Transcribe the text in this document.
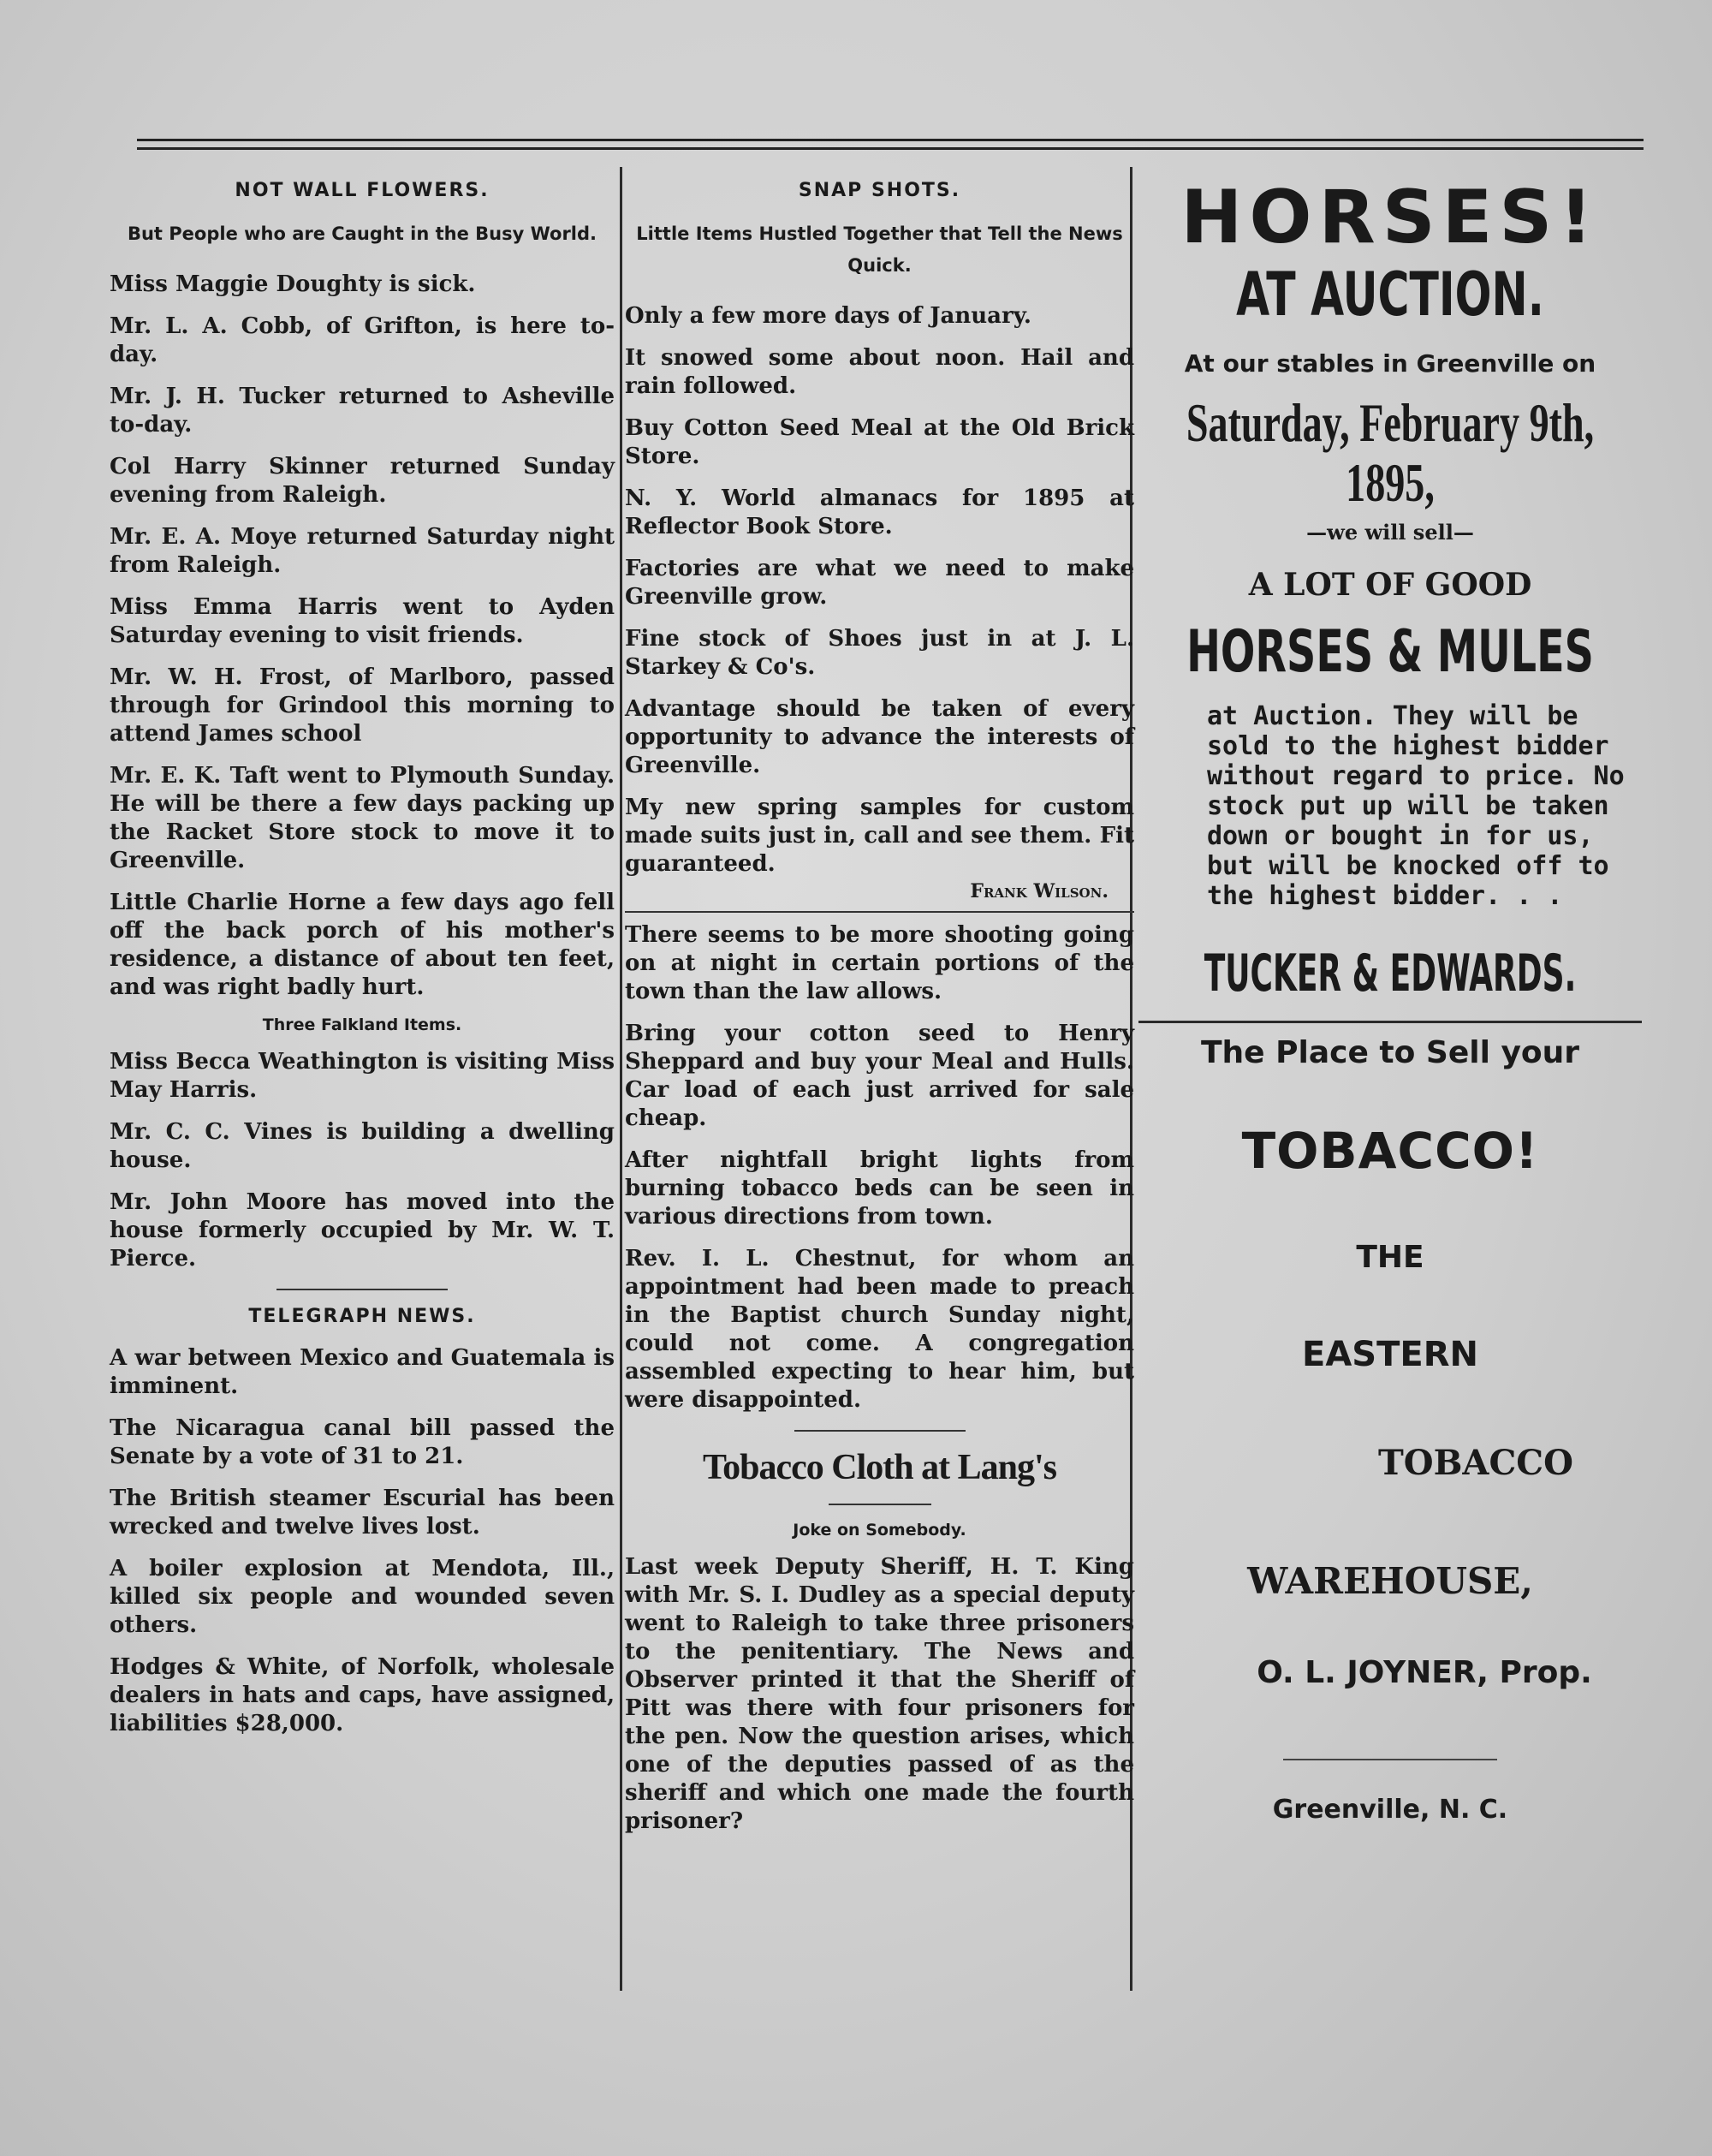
NOT WALL FLOWERS.
But People who are Caught in the Busy World.
Miss Maggie Doughty is sick.
Mr. L. A. Cobb, of Grifton, is here to-day.
Mr. J. H. Tucker returned to Asheville to-day.
Col Harry Skinner returned Sunday evening from Raleigh.
Mr. E. A. Moye returned Saturday night from Raleigh.
Miss Emma Harris went to Ayden Saturday evening to visit friends.
Mr. W. H. Frost, of Marlboro, passed through for Grindool this morning to attend James school
Mr. E. K. Taft went to Plymouth Sunday. He will be there a few days packing up the Racket Store stock to move it to Greenville.
Little Charlie Horne a few days ago fell off the back porch of his mother's residence, a distance of about ten feet, and was right badly hurt.
Three Falkland Items.
Miss Becca Weathington is visiting Miss May Harris.
Mr. C. C. Vines is building a dwelling house.
Mr. John Moore has moved into the house formerly occupied by Mr. W. T. Pierce.
TELEGRAPH NEWS.
A war between Mexico and Guatemala is imminent.
The Nicaragua canal bill passed the Senate by a vote of 31 to 21.
The British steamer Escurial has been wrecked and twelve lives lost.
A boiler explosion at Mendota, Ill., killed six people and wounded seven others.
Hodges & White, of Norfolk, wholesale dealers in hats and caps, have assigned, liabilities $28,000.
SNAP SHOTS.
Little Items Hustled Together that Tell the News Quick.
Only a few more days of January.
It snowed some about noon. Hail and rain followed.
Buy Cotton Seed Meal at the Old Brick Store.
N. Y. World almanacs for 1895 at Reflector Book Store.
Factories are what we need to make Greenville grow.
Fine stock of Shoes just in at J. L. Starkey & Co's.
Advantage should be taken of every opportunity to advance the interests of Greenville.
My new spring samples for custom made suits just in, call and see them. Fit guaranteed.
Frank Wilson.
There seems to be more shooting going on at night in certain portions of the town than the law allows.
Bring your cotton seed to Henry Sheppard and buy your Meal and Hulls. Car load of each just arrived for sale cheap.
After nightfall bright lights from burning tobacco beds can be seen in various directions from town.
Rev. I. L. Chestnut, for whom an appointment had been made to preach in the Baptist church Sunday night, could not come. A congregation assembled expecting to hear him, but were disappointed.
Tobacco Cloth at Lang's
Joke on Somebody.
Last week Deputy Sheriff, H. T. King with Mr. S. I. Dudley as a special deputy went to Raleigh to take three prisoners to the penitentiary. The News and Observer printed it that the Sheriff of Pitt was there with four prisoners for the pen. Now the question arises, which one of the deputies passed of as the sheriff and which one made the fourth prisoner?
HORSES!
AT AUCTION.
At our stables in Greenville on
Saturday, February 9th, 1895,
—we will sell—
A LOT OF GOOD
HORSES & MULES
at Auction. They will be sold to the highest bidder without regard to price. No stock put up will be taken down or bought in for us, but will be knocked off to the highest bidder. . .
TUCKER & EDWARDS.
The Place to Sell your
TOBACCO!
THE
EASTERN
TOBACCO
WAREHOUSE,
O. L. JOYNER, Prop.
Greenville, N. C.
